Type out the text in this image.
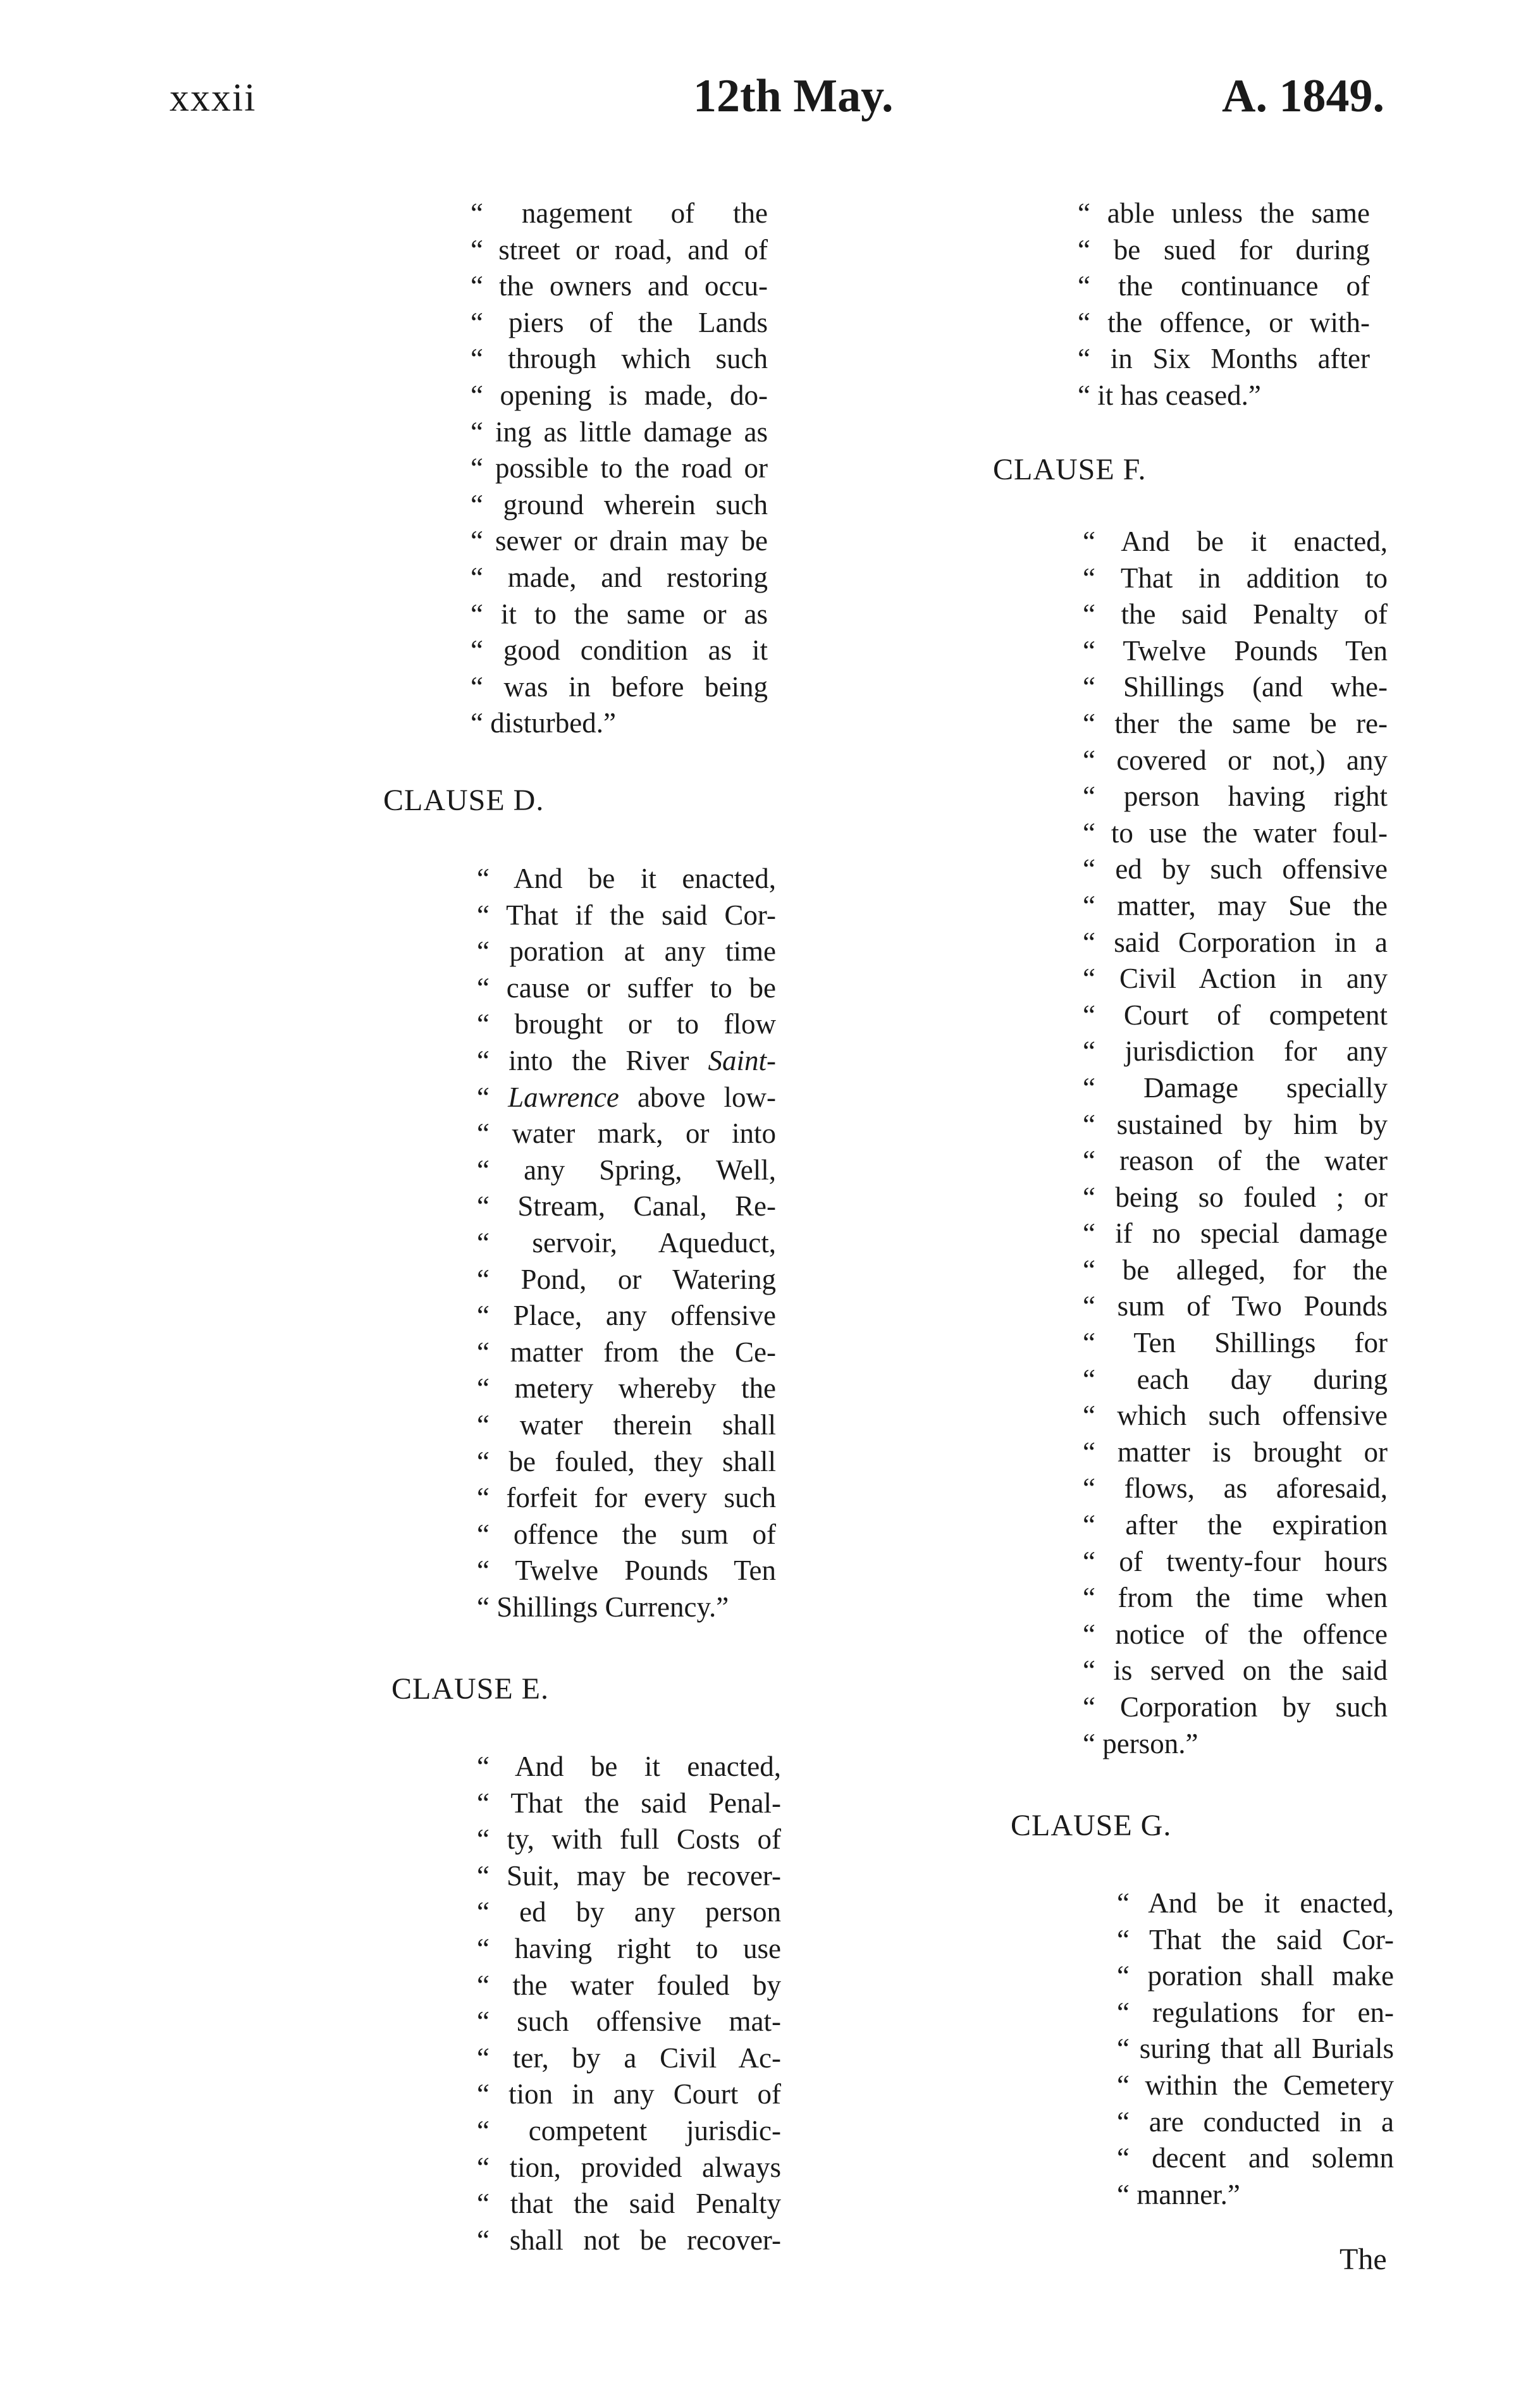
xxxii	12th May.	A. 1849.
“ nagement of the
“ street or road, and of
“ the owners and occu-
“ piers of the Lands
“ through which such
“ opening is made, do-
“ ing as little damage as
“ possible to the road or
“ ground wherein such
“ sewer or drain may be
“ made, and restoring
“ it to the same or as
“ good condition as it
“ was in before being
“ disturbed.”
CLAUSE D.
“ And be it enacted,
“ That if the said Cor-
“ poration at any time
“ cause or suffer to be
“ brought or to flow
“ into the River Saint-
“ Lawrence above low-
“ water mark, or into
“ any Spring, Well,
“ Stream, Canal, Re-
“ servoir, Aqueduct,
“ Pond, or Watering
“ Place, any offensive
“ matter from the Ce-
“ metery whereby the
“ water therein shall
“ be fouled, they shall
“ forfeit for every such
“ offence the sum of
“ Twelve Pounds Ten
“ Shillings Currency.”
CLAUSE E.
“ And be it enacted,
“ That the said Penal-
“ ty, with full Costs of
“ Suit, may be recover-
“ ed by any person
“ having right to use
“ the water fouled by
“ such offensive mat-
“ ter, by a Civil Ac-
“ tion in any Court of
“ competent jurisdic-
“ tion, provided always
“ that the said Penalty
“ shall not be recover-
“ able unless the same
“ be sued for during
“ the continuance of
“ the offence, or with-
“ in Six Months after
“ it has ceased.”
CLAUSE F.
“ And be it enacted,
“ That in addition to
“ the said Penalty of
“ Twelve Pounds Ten
“ Shillings (and whe-
“ ther the same be re-
“ covered or not,) any
“ person having right
“ to use the water foul-
“ ed by such offensive
“ matter, may Sue the
“ said Corporation in a
“ Civil Action in any
“ Court of competent
“ jurisdiction for any
“ Damage specially
“ sustained by him by
“ reason of the water
“ being so fouled ; or
“ if no special damage
“ be alleged, for the
“ sum of Two Pounds
“ Ten Shillings for
“ each day during
“ which such offensive
“ matter is brought or
“ flows, as aforesaid,
“ after the expiration
“ of twenty-four hours
“ from the time when
“ notice of the offence
“ is served on the said
“ Corporation by such
“ person.”
CLAUSE G.
“ And be it enacted,
“ That the said Cor-
“ poration shall make
“ regulations for en-
“ suring that all Burials
“ within the Cemetery
“ are conducted in a
“ decent and solemn
“ manner.”
The
